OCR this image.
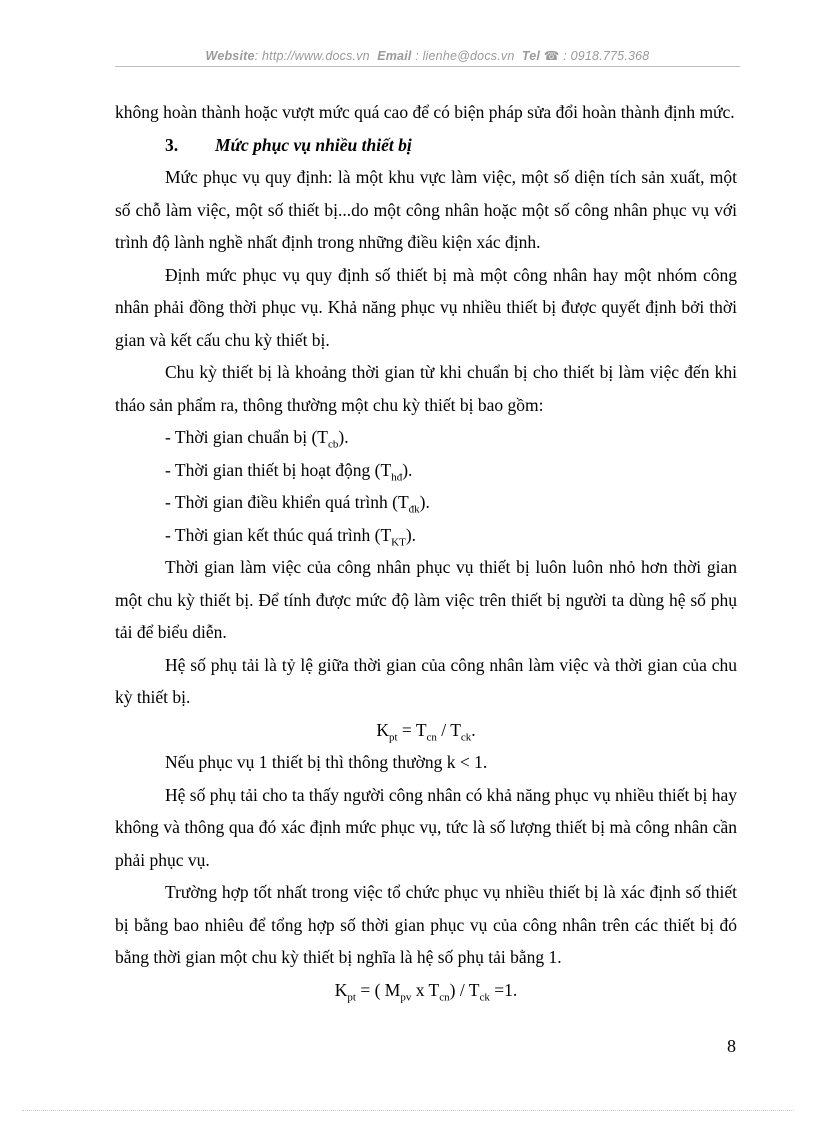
Website: http://www.docs.vn Email : lienhe@docs.vn Tel ☎ : 0918.775.368

không hoàn thành hoặc vượt mức quá cao để có biện pháp sửa đổi hoàn thành định mức.

3. Mức phục vụ nhiều thiết bị

Mức phục vụ quy định: là một khu vực làm việc, một số diện tích sản xuất, một số chỗ làm việc, một số thiết bị...do một công nhân hoặc một số công nhân phục vụ với trình độ lành nghề nhất định trong những điều kiện xác định.

Định mức phục vụ quy định số thiết bị mà một công nhân hay một nhóm công nhân phải đồng thời phục vụ. Khả năng phục vụ nhiều thiết bị được quyết định bởi thời gian và kết cấu chu kỳ thiết bị.

Chu kỳ thiết bị là khoảng thời gian từ khi chuẩn bị cho thiết bị làm việc đến khi tháo sản phẩm ra, thông thường một chu kỳ thiết bị bao gồm:

- Thời gian chuẩn bị $(T_{cb})$.

- Thời gian thiết bị hoạt động $(T_{hđ})$.

- Thời gian điều khiển quá trình $(T_{đk})$.

- Thời gian kết thúc quá trình $(T_{KT})$.

Thời gian làm việc của công nhân phục vụ thiết bị luôn luôn nhỏ hơn thời gian một chu kỳ thiết bị. Để tính được mức độ làm việc trên thiết bị người ta dùng hệ số phụ tải để biểu diễn.

Hệ số phụ tải là tỷ lệ giữa thời gian của công nhân làm việc và thời gian của chu kỳ thiết bị.

$K_{pt} = T_{cn} / T_{ck}$.

Nếu phục vụ 1 thiết bị thì thông thường k < 1.

Hệ số phụ tải cho ta thấy người công nhân có khả năng phục vụ nhiều thiết bị hay không và thông qua đó xác định mức phục vụ, tức là số lượng thiết bị mà công nhân cần phải phục vụ.

Trường hợp tốt nhất trong việc tổ chức phục vụ nhiều thiết bị là xác định số thiết bị bằng bao nhiêu để tổng hợp số thời gian phục vụ của công nhân trên các thiết bị đó bằng thời gian một chu kỳ thiết bị nghĩa là hệ số phụ tải bằng 1.

$K_{pt}$ = ( $M_{pv}$ x $T_{cn}) / T_{ck} =1$.

8
